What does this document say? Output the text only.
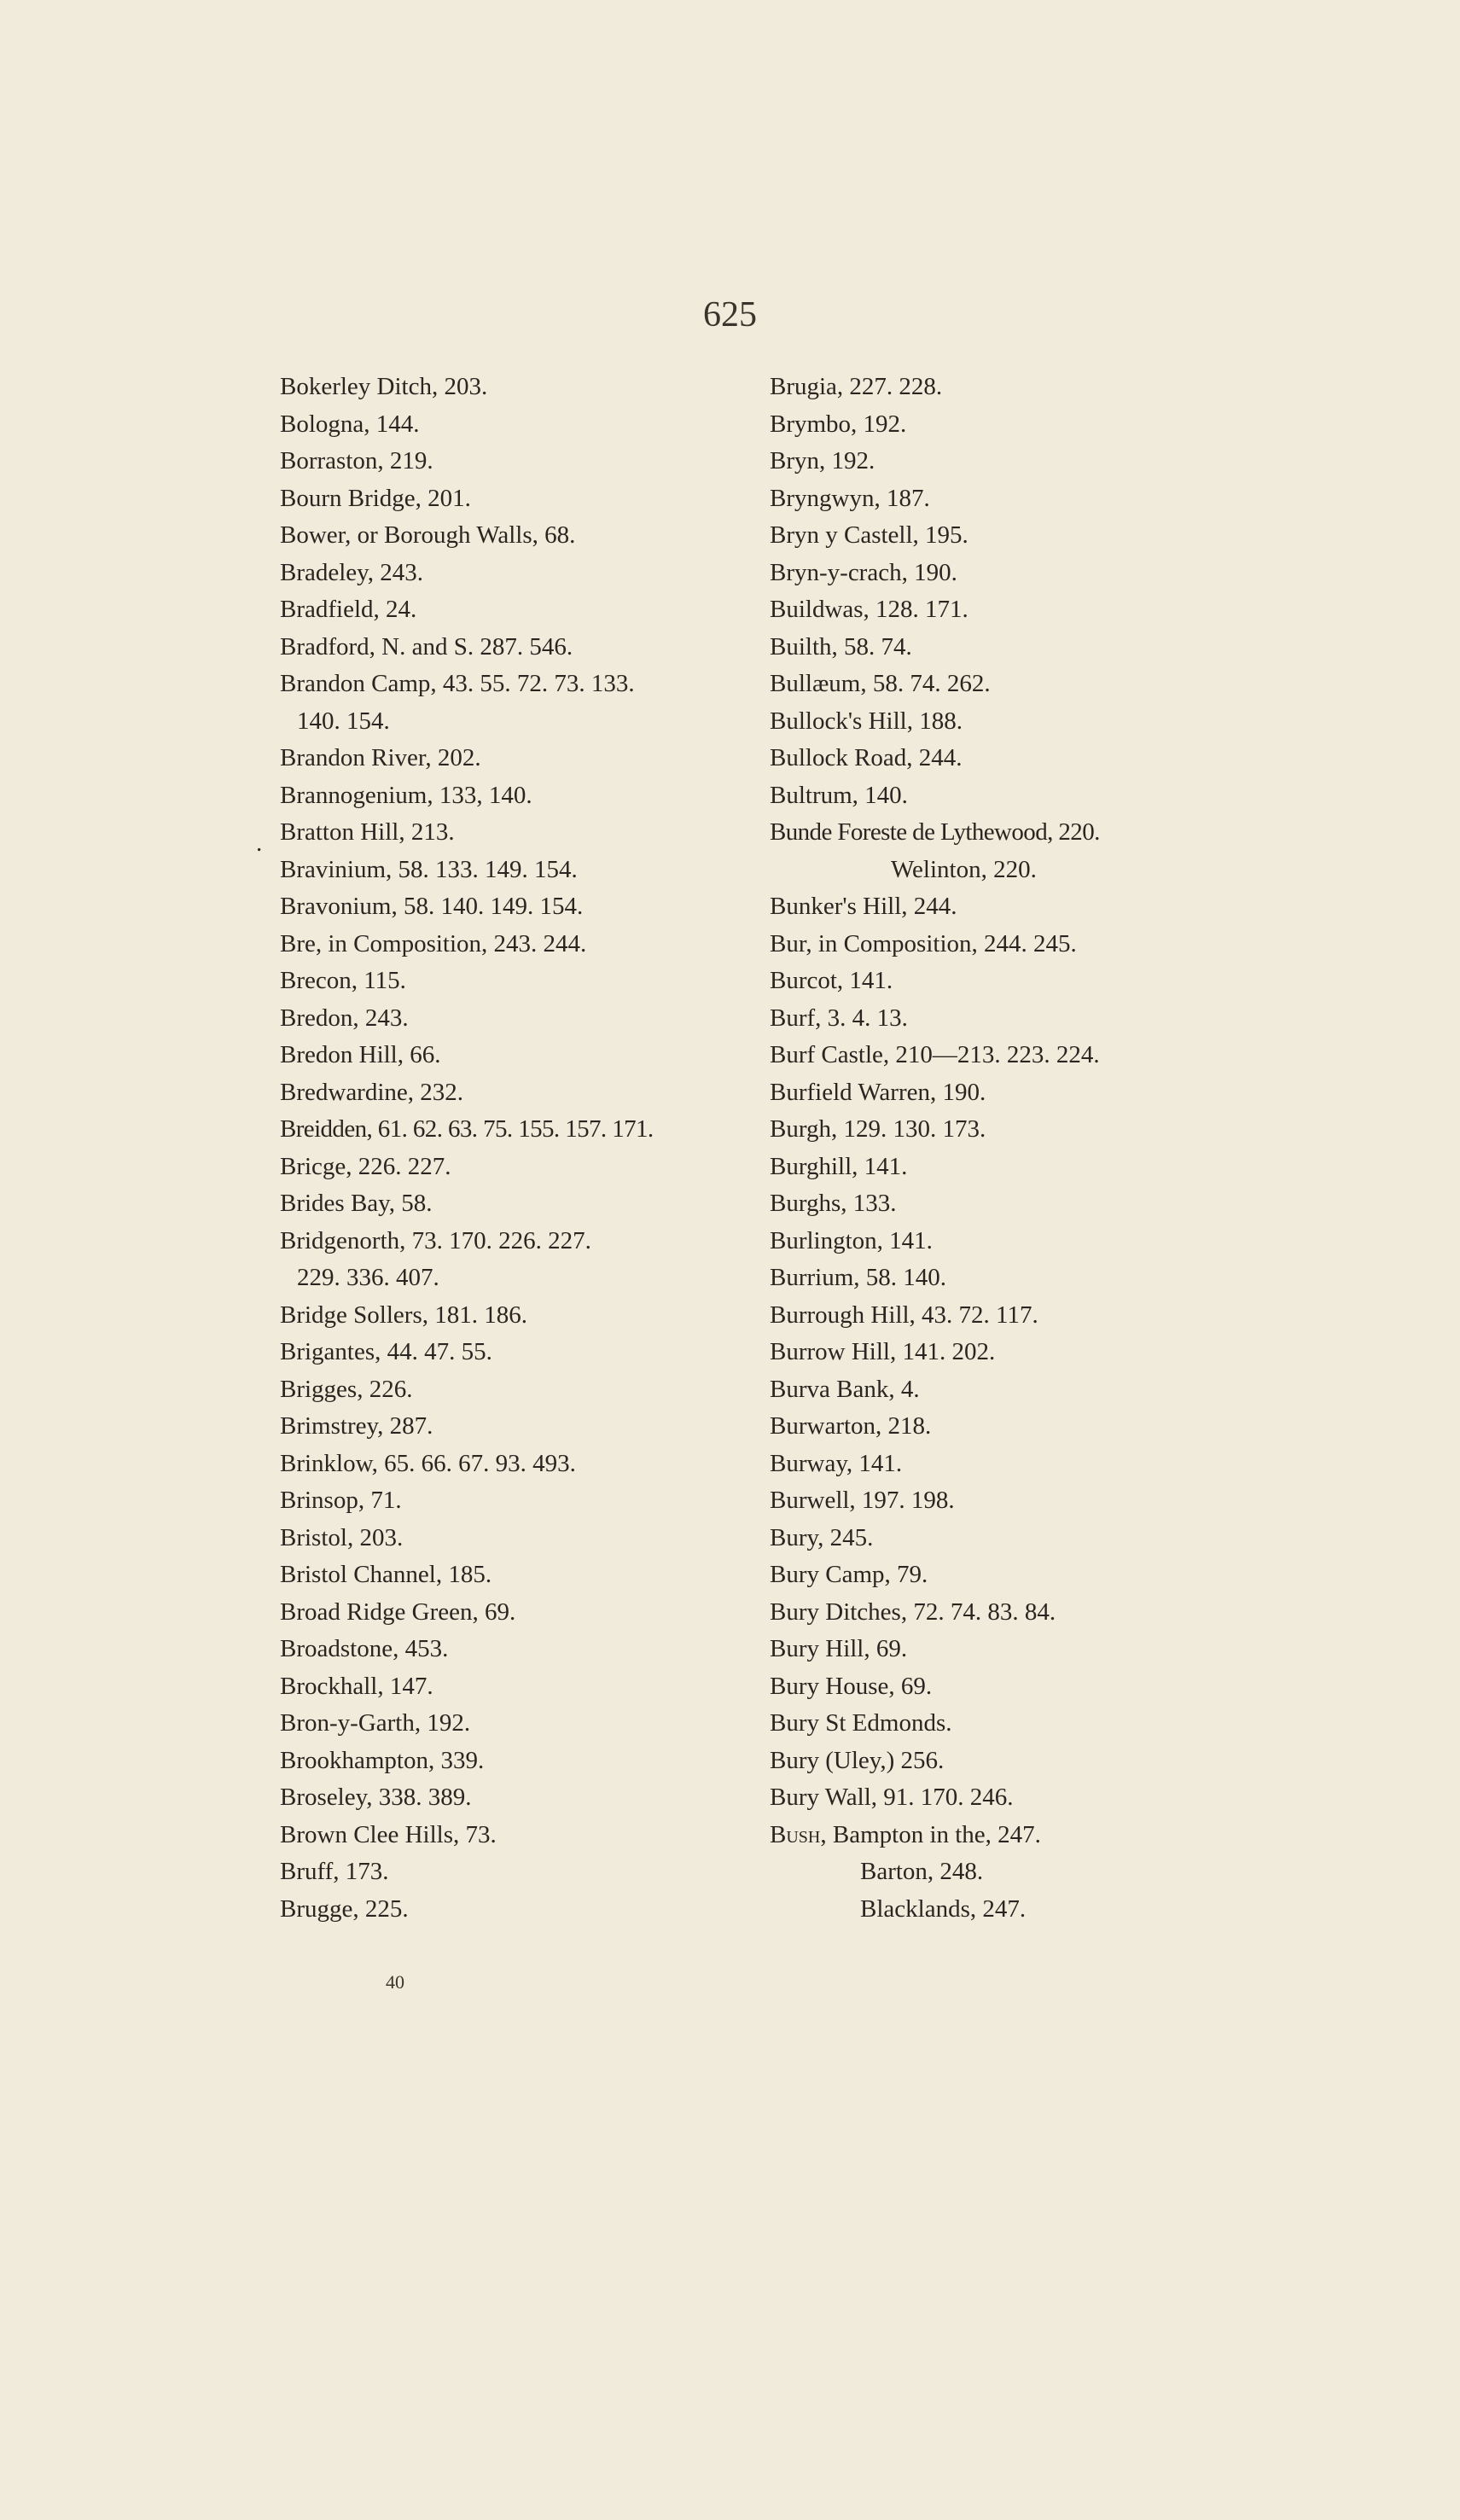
625
.
Bokerley Ditch, 203.
Bologna, 144.
Borraston, 219.
Bourn Bridge, 201.
Bower, or Borough Walls, 68.
Bradeley, 243.
Bradfield, 24.
Bradford, N. and S. 287. 546.
Brandon Camp, 43. 55. 72. 73. 133.
140. 154.
Brandon River, 202.
Brannogenium, 133, 140.
Bratton Hill, 213.
Bravinium, 58. 133. 149. 154.
Bravonium, 58. 140. 149. 154.
Bre, in Composition, 243. 244.
Brecon, 115.
Bredon, 243.
Bredon Hill, 66.
Bredwardine, 232.
Breidden, 61. 62. 63. 75. 155. 157. 171.
Bricge, 226. 227.
Brides Bay, 58.
Bridgenorth, 73. 170. 226. 227.
229. 336. 407.
Bridge Sollers, 181. 186.
Brigantes, 44. 47. 55.
Brigges, 226.
Brimstrey, 287.
Brinklow, 65. 66. 67. 93. 493.
Brinsop, 71.
Bristol, 203.
Bristol Channel, 185.
Broad Ridge Green, 69.
Broadstone, 453.
Brockhall, 147.
Bron-y-Garth, 192.
Brookhampton, 339.
Broseley, 338. 389.
Brown Clee Hills, 73.
Bruff, 173.
Brugge, 225.
Brugia, 227. 228.
Brymbo, 192.
Bryn, 192.
Bryngwyn, 187.
Bryn y Castell, 195.
Bryn-y-crach, 190.
Buildwas, 128. 171.
Builth, 58. 74.
Bullæum, 58. 74. 262.
Bullock's Hill, 188.
Bullock Road, 244.
Bultrum, 140.
Bunde Foreste de Lythewood, 220.
Welinton, 220.
Bunker's Hill, 244.
Bur, in Composition, 244. 245.
Burcot, 141.
Burf, 3. 4. 13.
Burf Castle, 210—213. 223. 224.
Burfield Warren, 190.
Burgh, 129. 130. 173.
Burghill, 141.
Burghs, 133.
Burlington, 141.
Burrium, 58. 140.
Burrough Hill, 43. 72. 117.
Burrow Hill, 141. 202.
Burva Bank, 4.
Burwarton, 218.
Burway, 141.
Burwell, 197. 198.
Bury, 245.
Bury Camp, 79.
Bury Ditches, 72. 74. 83. 84.
Bury Hill, 69.
Bury House, 69.
Bury St Edmonds.
Bury (Uley,) 256.
Bury Wall, 91. 170. 246.
Bush, Bampton in the, 247.
Barton, 248.
Blacklands, 247.
40
